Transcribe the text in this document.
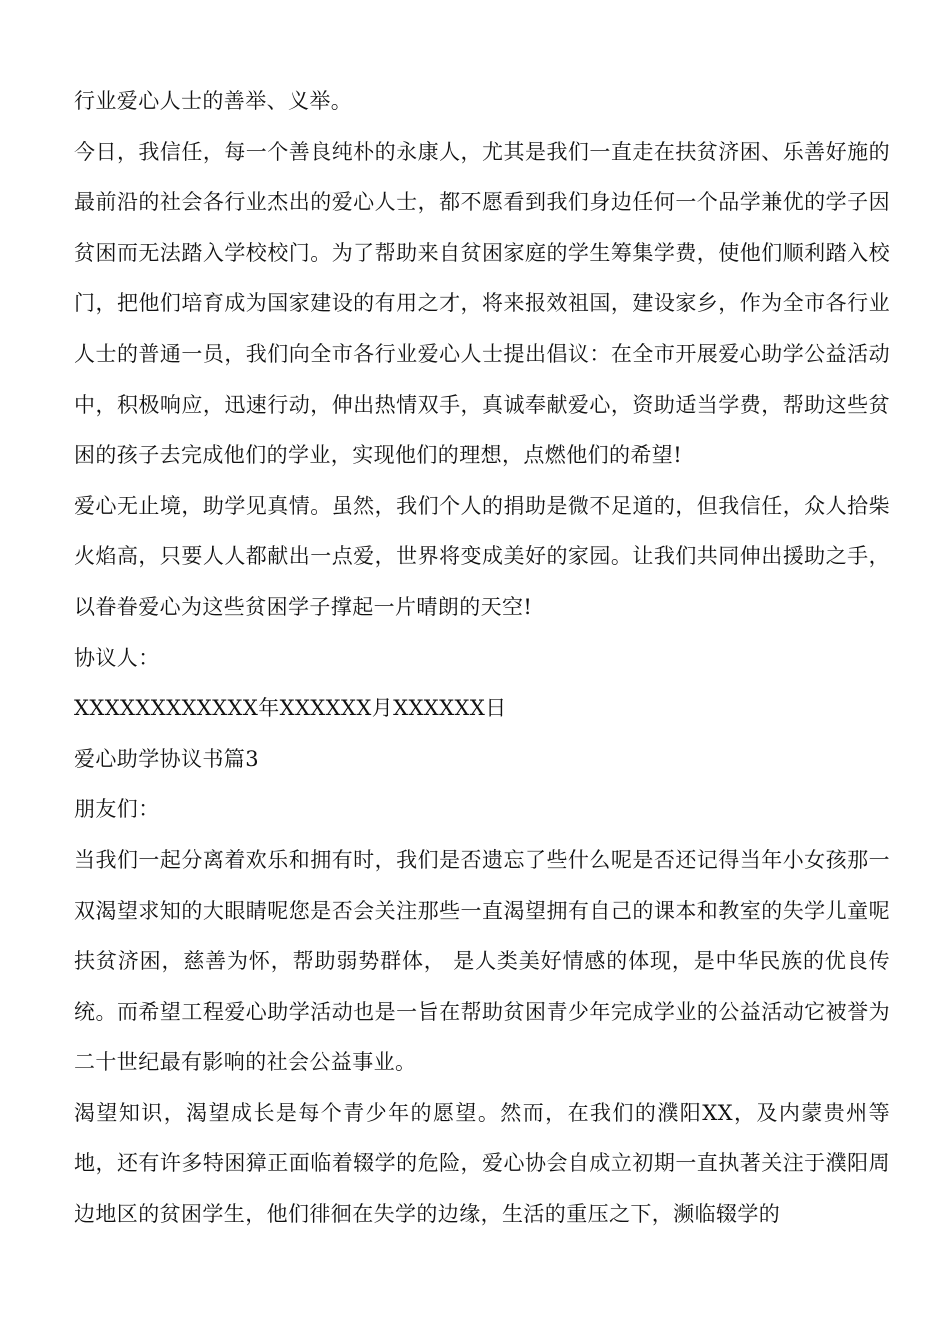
行业爱心人士的善举、义举。

今日，我信任，每一个善良纯朴的永康人，尤其是我们一直走在扶贫济困、乐善好施的最前沿的社会各行业杰出的爱心人士，都不愿看到我们身边任何一个品学兼优的学子因贫困而无法踏入学校校门。为了帮助来自贫困家庭的学生筹集学费，使他们顺利踏入校门，把他们培育成为国家建设的有用之才，将来报效祖国，建设家乡，作为全市各行业人士的普通一员，我们向全市各行业爱心人士提出倡议：在全市开展爱心助学公益活动中，积极响应，迅速行动，伸出热情双手，真诚奉献爱心，资助适当学费，帮助这些贫困的孩子去完成他们的学业，实现他们的理想，点燃他们的希望!

爱心无止境，助学见真情。虽然，我们个人的捐助是微不足道的，但我信任，众人拾柴火焰高，只要人人都献出一点爱，世界将变成美好的家园。让我们共同伸出援助之手，以眷眷爱心为这些贫困学子撑起一片晴朗的天空!

协议人：

XXXXXXXXXXXX年XXXXXX月XXXXXX日

爱心助学协议书篇3

朋友们：

当我们一起分离着欢乐和拥有时，我们是否遗忘了些什么呢是否还记得当年小女孩那一双渴望求知的大眼睛呢您是否会关注那些一直渴望拥有自己的课本和教室的失学儿童呢扶贫济困，慈善为怀，帮助弱势群体， 是人类美好情感的体现，是中华民族的优良传统。而希望工程爱心助学活动也是一旨在帮助贫困青少年完成学业的公益活动它被誉为二十世纪最有影响的社会公益事业。

渴望知识，渴望成长是每个青少年的愿望。然而，在我们的濮阳XX，及内蒙贵州等地，还有许多特困獐正面临着辍学的危险，爱心协会自成立初期一直执著关注于濮阳周边地区的贫困学生，他们徘徊在失学的边缘，生活的重压之下，濒临辍学的
